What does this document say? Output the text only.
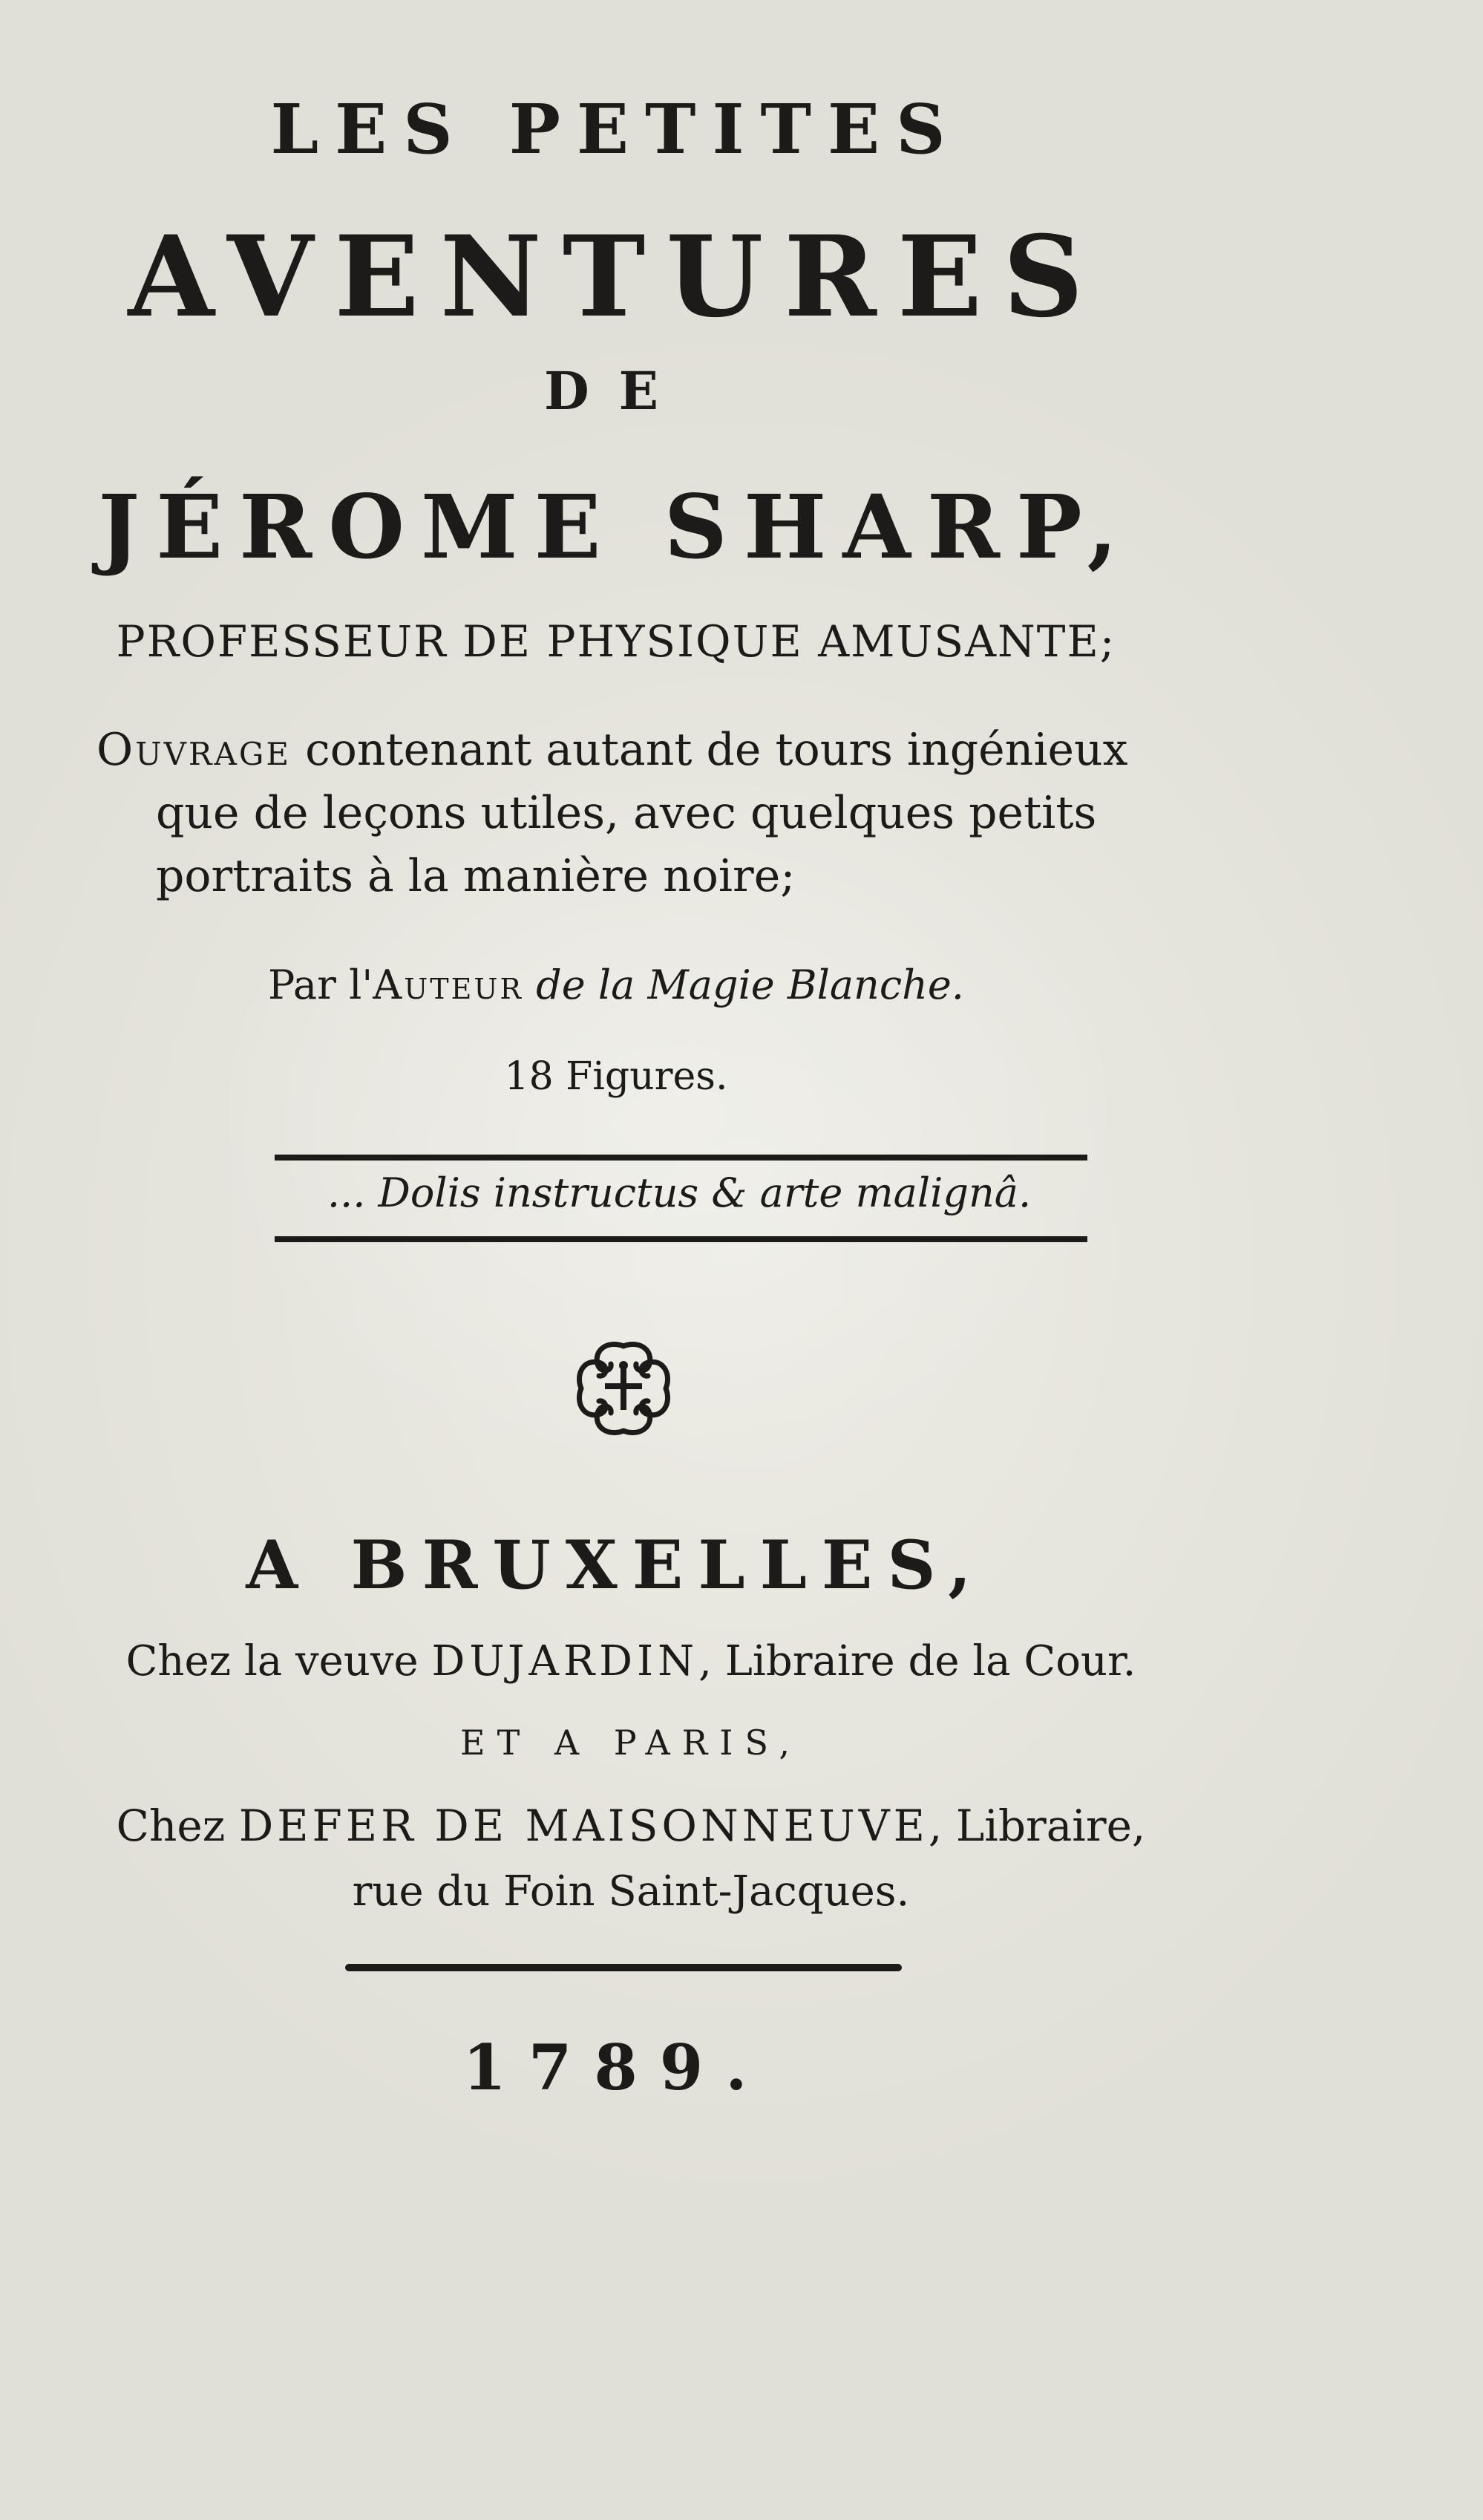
LES PETITES
AVENTURES
DE
JÉROME SHARP,
PROFESSEUR DE PHYSIQUE AMUSANTE;
Ouvrage contenant autant de tours ingénieux
que de leçons utiles, avec quelques petits
portraits à la manière noire;
Par l'Auteur de la Magie Blanche.
18 Figures.
... Dolis instructus & arte malignâ.
A BRUXELLES,
Chez la veuve DUJARDIN, Libraire de la Cour.
ET A PARIS,
Chez DEFER DE MAISONNEUVE, Libraire,
rue du Foin Saint-Jacques.
1789.
